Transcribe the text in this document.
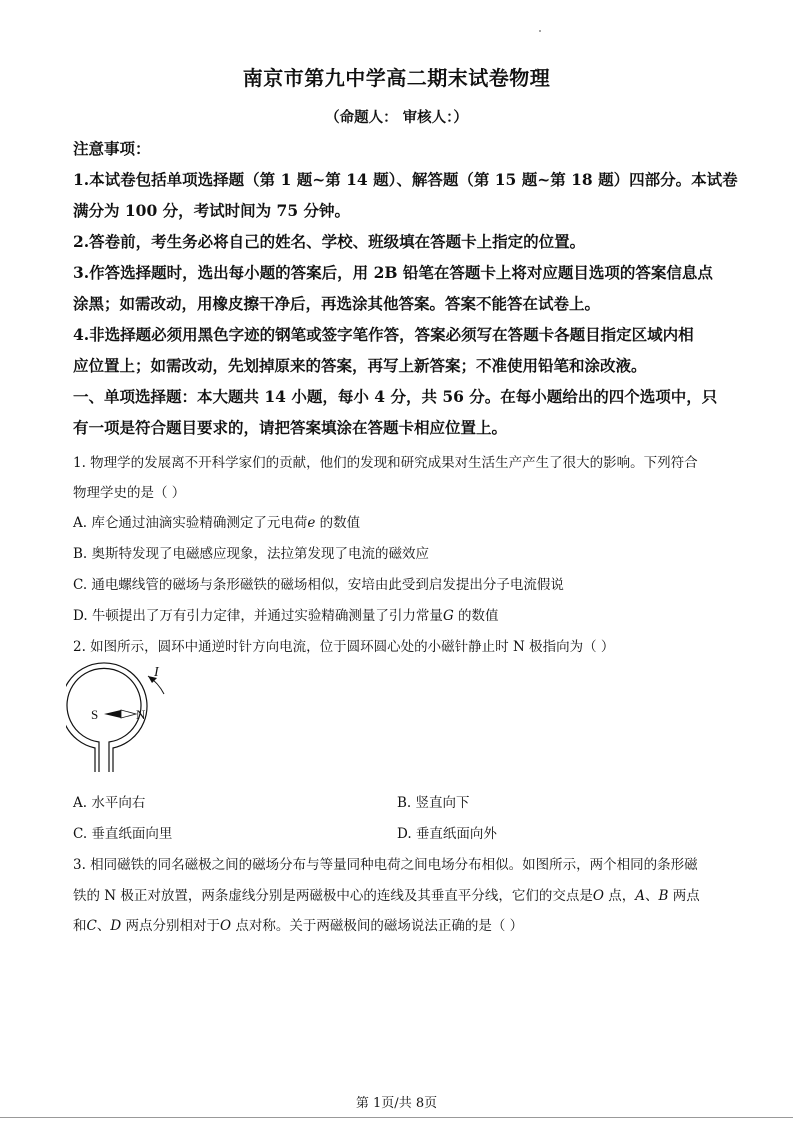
南京市第九中学高二期末试卷物理
（命题人： 审核人：）
注意事项：
1.本试卷包括单项选择题（第 1 题~第 14 题）、解答题（第 15 题~第 18 题）四部分。本试卷
满分为 100 分，考试时间为 75 分钟。
2.答卷前，考生务必将自己的姓名、学校、班级填在答题卡上指定的位置。
3.作答选择题时，选出每小题的答案后，用 2B 铅笔在答题卡上将对应题目选项的答案信息点
涂黑；如需改动，用橡皮擦干净后，再选涂其他答案。答案不能答在试卷上。
4.非选择题必须用黑色字迹的钢笔或签字笔作答，答案必须写在答题卡各题目指定区域内相
应位置上；如需改动，先划掉原来的答案，再写上新答案；不准使用铅笔和涂改液。
一、单项选择题：本大题共 14 小题，每小 4 分，共 56 分。在每小题给出的四个选项中，只
有一项是符合题目要求的，请把答案填涂在答题卡相应位置上。
1. 物理学的发展离不开科学家们的贡献，他们的发现和研究成果对生活生产产生了很大的影响。下列符合
物理学史的是（ ）
A. 库仑通过油滴实验精确测定了元电荷e 的数值
B. 奥斯特发现了电磁感应现象，法拉第发现了电流的磁效应
C. 通电螺线管的磁场与条形磁铁的磁场相似，安培由此受到启发提出分子电流假说
D. 牛顿提出了万有引力定律，并通过实验精确测量了引力常量G 的数值
2. 如图所示，圆环中通逆时针方向电流，位于圆环圆心处的小磁针静止时 N 极指向为（ ）
I
S	N
A. 水平向右	B. 竖直向下
C. 垂直纸面向里	D. 垂直纸面向外
3. 相同磁铁的同名磁极之间的磁场分布与等量同种电荷之间电场分布相似。如图所示，两个相同的条形磁
铁的 N 极正对放置，两条虚线分别是两磁极中心的连线及其垂直平分线，它们的交点是O 点，A、B 两点
和C、D 两点分别相对于O 点对称。关于两磁极间的磁场说法正确的是（ ）
第 1页/共 8页
